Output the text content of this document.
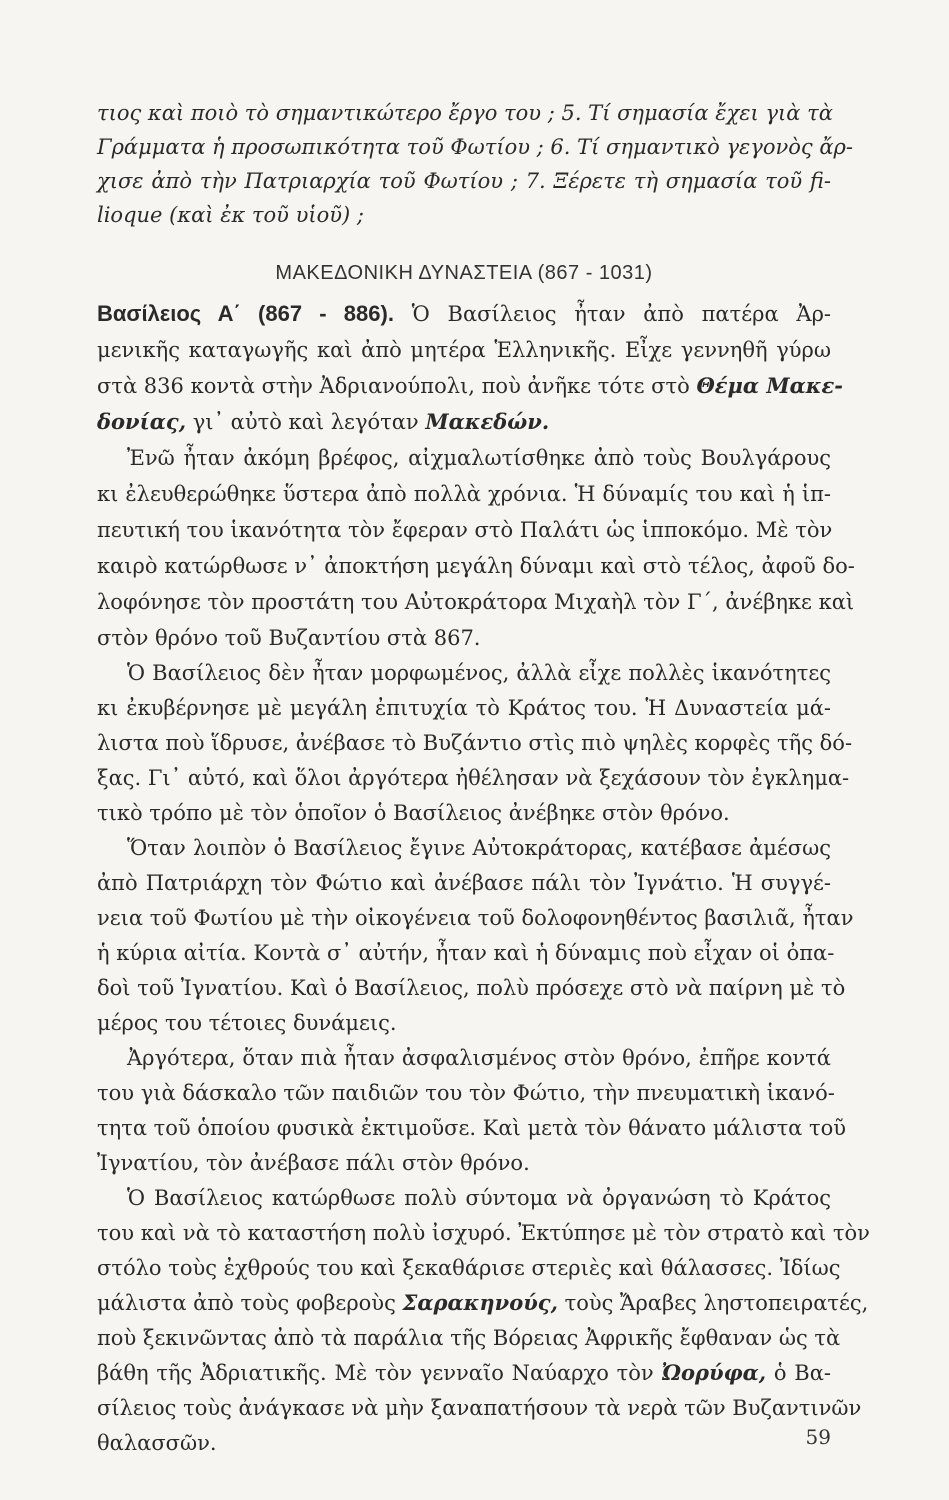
τιος καὶ ποιὸ τὸ σημαντικώτερο ἔργο του ; 5. Τί σημασία ἔχει γιὰ τὰ
Γράμματα ἡ προσωπικότητα τοῦ Φωτίου ; 6. Τί σημαντικὸ γεγονὸς ἄρ-
χισε ἀπὸ τὴν Πατριαρχία τοῦ Φωτίου ; 7. Ξέρετε τὴ σημασία τοῦ fi-
lioque (καὶ ἐκ τοῦ υἱοῦ) ;
ΜΑΚΕΔΟΝΙΚΗ ΔΥΝΑΣΤΕΙΑ (867 - 1031)
Βασίλειος Α΄ (867 - 886). Ὁ Βασίλειος ἦταν ἀπὸ πατέρα Ἀρ-
μενικῆς καταγωγῆς καὶ ἀπὸ μητέρα Ἑλληνικῆς. Εἶχε γεννηθῆ γύρω
στὰ 836 κοντὰ στὴν Ἀδριανούπολι, ποὺ ἀνῆκε τότε στὸ Θέμα Μακε-
δονίας, γι᾽ αὐτὸ καὶ λεγόταν Μακεδών.
Ἐνῶ ἦταν ἀκόμη βρέφος, αἰχμαλωτίσθηκε ἀπὸ τοὺς Βουλγάρους
κι ἐλευθερώθηκε ὕστερα ἀπὸ πολλὰ χρόνια. Ἡ δύναμίς του καὶ ἡ ἱπ-
πευτική του ἱκανότητα τὸν ἔφεραν στὸ Παλάτι ὡς ἱπποκόμο. Μὲ τὸν
καιρὸ κατώρθωσε ν᾽ ἀποκτήση μεγάλη δύναμι καὶ στὸ τέλος, ἀφοῦ δο-
λοφόνησε τὸν προστάτη του Αὐτοκράτορα Μιχαὴλ τὸν Γ΄, ἀνέβηκε καὶ
στὸν θρόνο τοῦ Βυζαντίου στὰ 867.
Ὁ Βασίλειος δὲν ἦταν μορφωμένος, ἀλλὰ εἶχε πολλὲς ἱκανότητες
κι ἐκυβέρνησε μὲ μεγάλη ἐπιτυχία τὸ Κράτος του. Ἡ Δυναστεία μά-
λιστα ποὺ ἵδρυσε, ἀνέβασε τὸ Βυζάντιο στὶς πιὸ ψηλὲς κορφὲς τῆς δό-
ξας. Γι᾽ αὐτό, καὶ ὅλοι ἀργότερα ἠθέλησαν νὰ ξεχάσουν τὸν ἐγκλημα-
τικὸ τρόπο μὲ τὸν ὁποῖον ὁ Βασίλειος ἀνέβηκε στὸν θρόνο.
Ὅταν λοιπὸν ὁ Βασίλειος ἔγινε Αὐτοκράτορας, κατέβασε ἀμέσως
ἀπὸ Πατριάρχη τὸν Φώτιο καὶ ἀνέβασε πάλι τὸν Ἰγνάτιο. Ἡ συγγέ-
νεια τοῦ Φωτίου μὲ τὴν οἰκογένεια τοῦ δολοφονηθέντος βασιλιᾶ, ἦταν
ἡ κύρια αἰτία. Κοντὰ σ᾽ αὐτήν, ἦταν καὶ ἡ δύναμις ποὺ εἶχαν οἱ ὀπα-
δοὶ τοῦ Ἰγνατίου. Καὶ ὁ Βασίλειος, πολὺ πρόσεχε στὸ νὰ παίρνη μὲ τὸ
μέρος του τέτοιες δυνάμεις.
Ἀργότερα, ὅταν πιὰ ἦταν ἀσφαλισμένος στὸν θρόνο, ἐπῆρε κοντά
του γιὰ δάσκαλο τῶν παιδιῶν του τὸν Φώτιο, τὴν πνευματικὴ ἱκανό-
τητα τοῦ ὁποίου φυσικὰ ἐκτιμοῦσε. Καὶ μετὰ τὸν θάνατο μάλιστα τοῦ
Ἰγνατίου, τὸν ἀνέβασε πάλι στὸν θρόνο.
Ὁ Βασίλειος κατώρθωσε πολὺ σύντομα νὰ ὀργανώση τὸ Κράτος
του καὶ νὰ τὸ καταστήση πολὺ ἰσχυρό. Ἐκτύπησε μὲ τὸν στρατὸ καὶ τὸν
στόλο τοὺς ἐχθρούς του καὶ ξεκαθάρισε στεριὲς καὶ θάλασσες. Ἰδίως
μάλιστα ἀπὸ τοὺς φοβεροὺς Σαρακηνούς, τοὺς Ἄραβες ληστοπειρατές,
ποὺ ξεκινῶντας ἀπὸ τὰ παράλια τῆς Βόρειας Ἀφρικῆς ἔφθαναν ὡς τὰ
βάθη τῆς Ἀδριατικῆς. Μὲ τὸν γενναῖο Ναύαρχο τὸν Ὠορύφα, ὁ Βα-
σίλειος τοὺς ἀνάγκασε νὰ μὴν ξαναπατήσουν τὰ νερὰ τῶν Βυζαντινῶν
θαλασσῶν.	59
